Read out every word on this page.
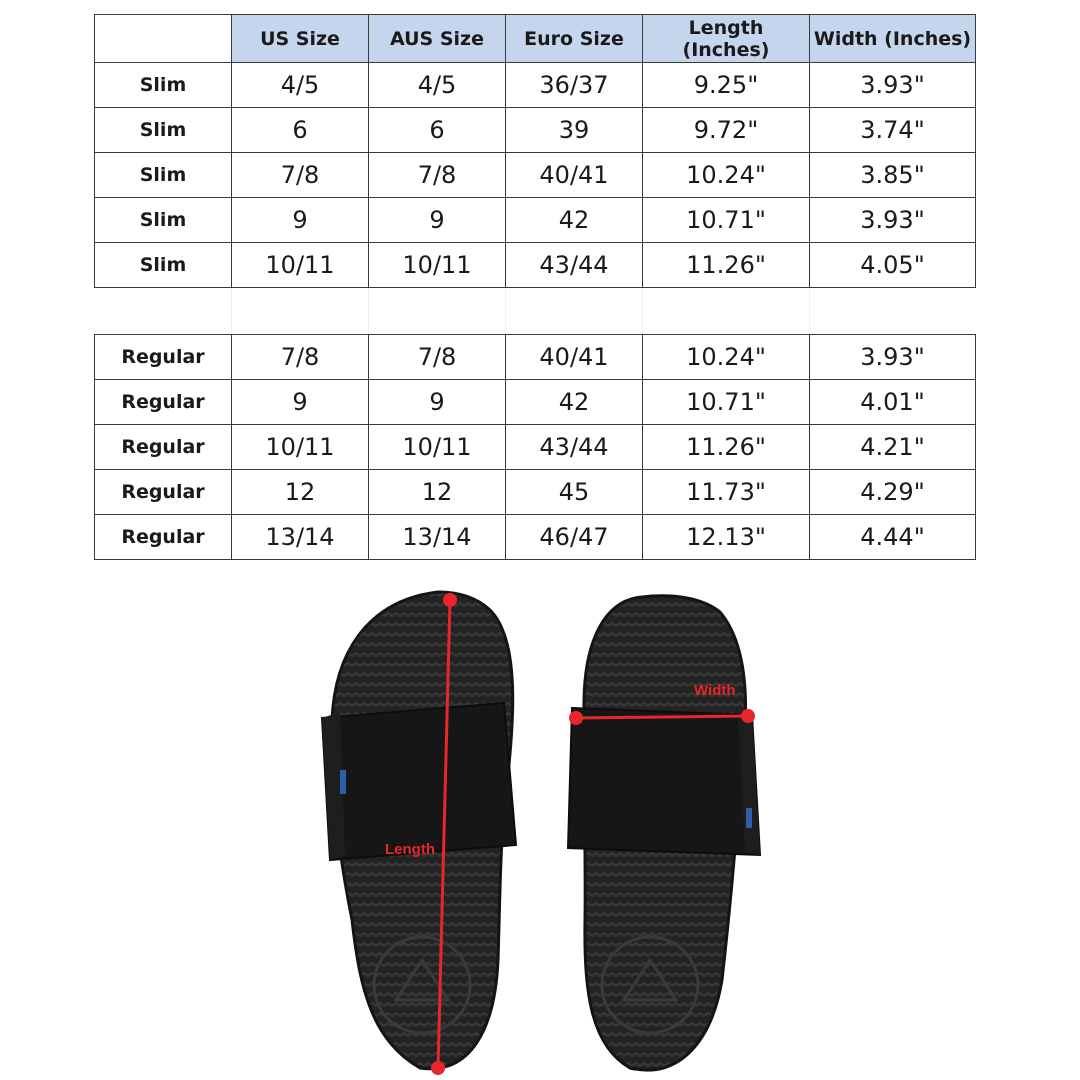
	US Size	AUS Size	Euro Size	Length (Inches)	Width (Inches)
Slim	4/5	4/5	36/37	9.25"	3.93"
Slim	6	6	39	9.72"	3.74"
Slim	7/8	7/8	40/41	10.24"	3.85"
Slim	9	9	42	10.71"	3.93"
Slim	10/11	10/11	43/44	11.26"	4.05"
Regular	7/8	7/8	40/41	10.24"	3.93"
Regular	9	9	42	10.71"	4.01"
Regular	10/11	10/11	43/44	11.26"	4.21"
Regular	12	12	45	11.73"	4.29"
Regular	13/14	13/14	46/47	12.13"	4.44"
Length
Width
